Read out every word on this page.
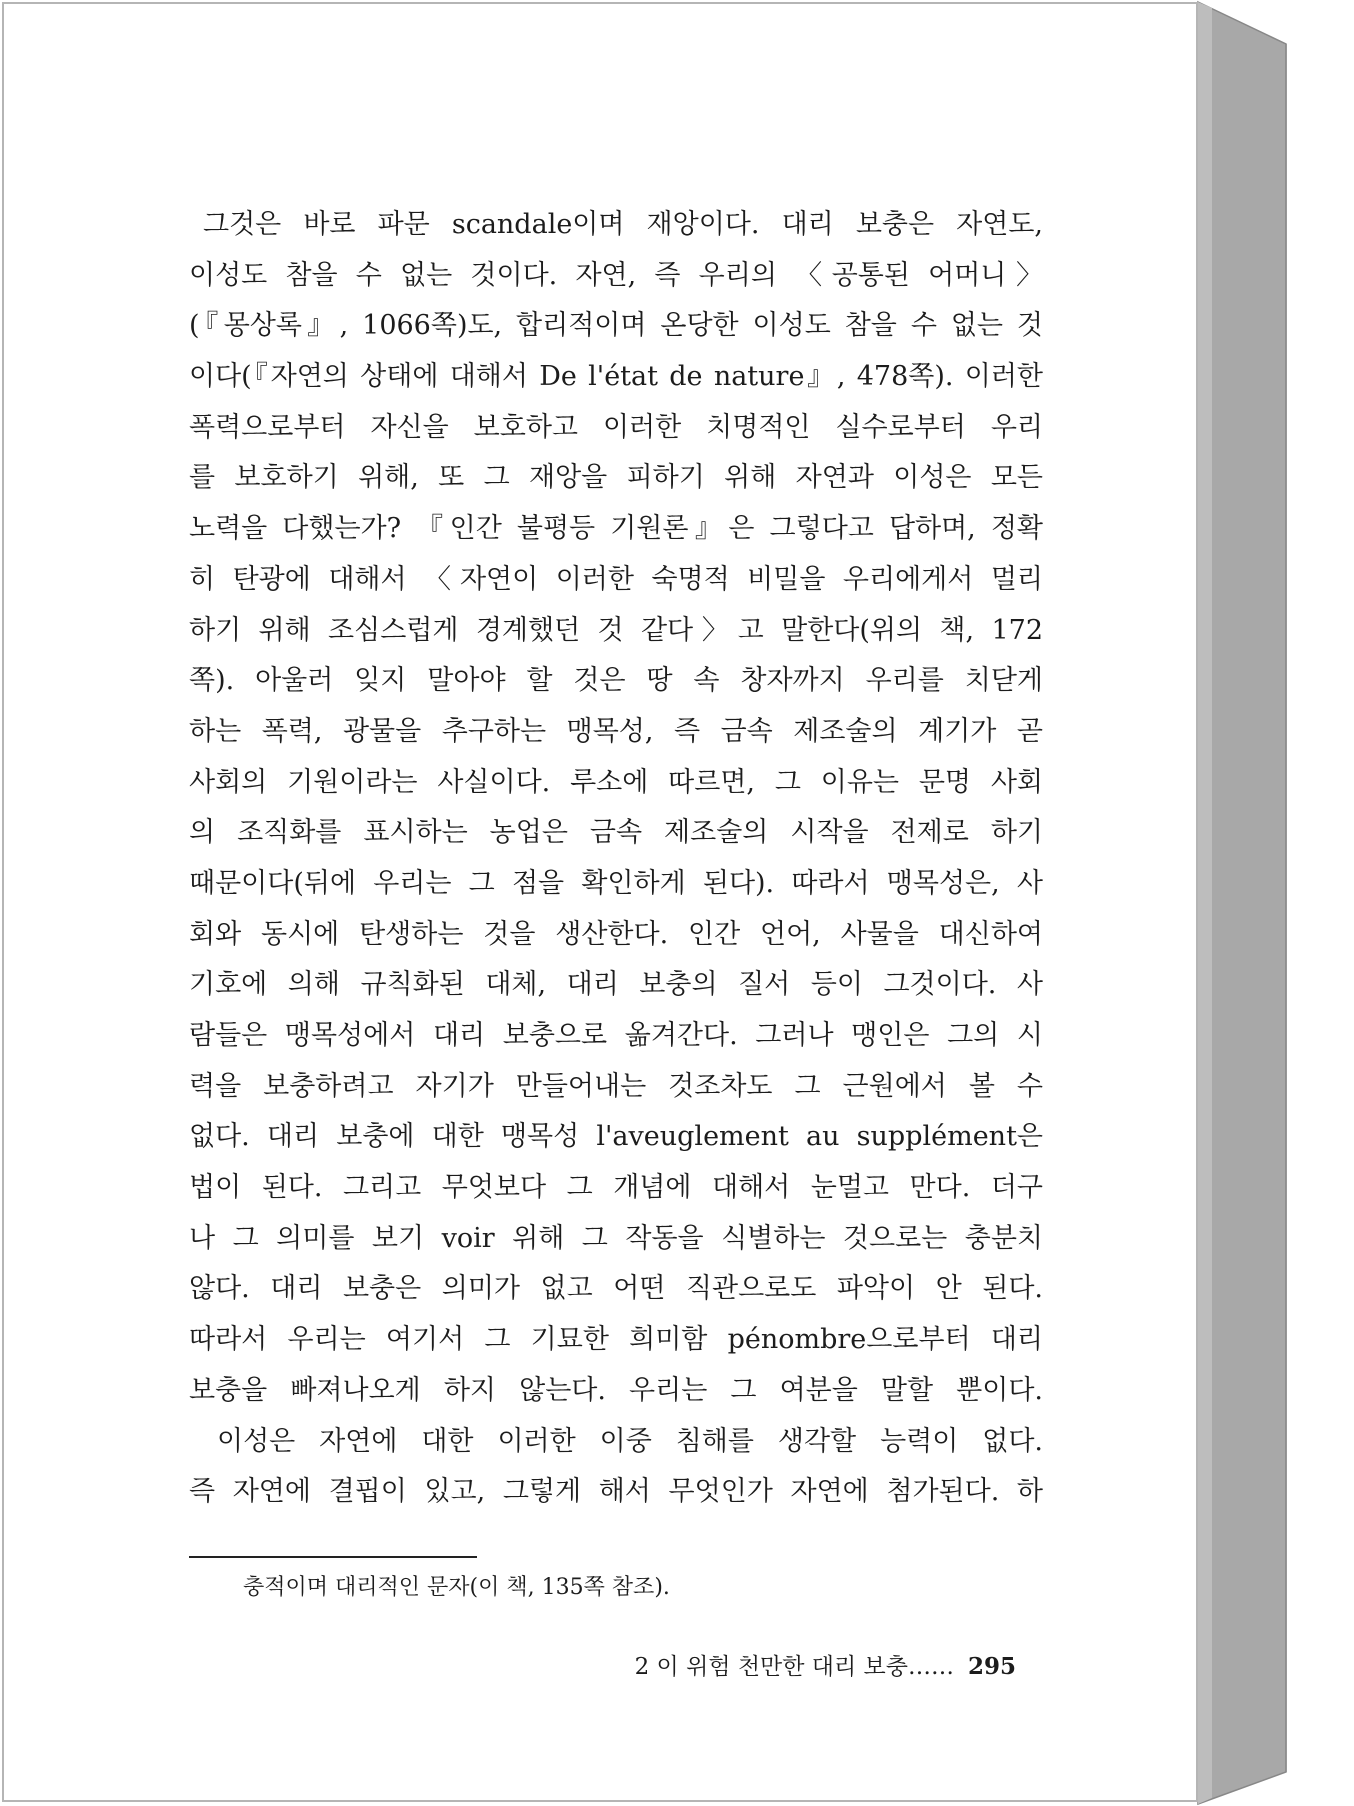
그것은 바로 파문 scandale이며 재앙이다. 대리 보충은 자연도,
이성도 참을 수 없는 것이다. 자연, 즉 우리의 〈공통된 어머니〉
(『몽상록』, 1066쪽)도, 합리적이며 온당한 이성도 참을 수 없는 것
이다(『자연의 상태에 대해서 De l'état de nature』, 478쪽). 이러한
폭력으로부터 자신을 보호하고 이러한 치명적인 실수로부터 우리
를 보호하기 위해, 또 그 재앙을 피하기 위해 자연과 이성은 모든
노력을 다했는가? 『인간 불평등 기원론』은 그렇다고 답하며, 정확
히 탄광에 대해서 〈자연이 이러한 숙명적 비밀을 우리에게서 멀리
하기 위해 조심스럽게 경계했던 것 같다〉고 말한다(위의 책, 172
쪽). 아울러 잊지 말아야 할 것은 땅 속 창자까지 우리를 치닫게
하는 폭력, 광물을 추구하는 맹목성, 즉 금속 제조술의 계기가 곧
사회의 기원이라는 사실이다. 루소에 따르면, 그 이유는 문명 사회
의 조직화를 표시하는 농업은 금속 제조술의 시작을 전제로 하기
때문이다(뒤에 우리는 그 점을 확인하게 된다). 따라서 맹목성은, 사
회와 동시에 탄생하는 것을 생산한다. 인간 언어, 사물을 대신하여
기호에 의해 규칙화된 대체, 대리 보충의 질서 등이 그것이다. 사
람들은 맹목성에서 대리 보충으로 옮겨간다. 그러나 맹인은 그의 시
력을 보충하려고 자기가 만들어내는 것조차도 그 근원에서 볼 수
없다. 대리 보충에 대한 맹목성 l'aveuglement au supplément은
법이 된다. 그리고 무엇보다 그 개념에 대해서 눈멀고 만다. 더구
나 그 의미를 보기 voir 위해 그 작동을 식별하는 것으로는 충분치
않다. 대리 보충은 의미가 없고 어떤 직관으로도 파악이 안 된다.
따라서 우리는 여기서 그 기묘한 희미함 pénombre으로부터 대리
보충을 빠져나오게 하지 않는다. 우리는 그 여분을 말할 뿐이다.
이성은 자연에 대한 이러한 이중 침해를 생각할 능력이 없다.
즉 자연에 결핍이 있고, 그렇게 해서 무엇인가 자연에 첨가된다. 하
충적이며 대리적인 문자(이 책, 135쪽 참조).
2 이 위험 천만한 대리 보충…… 295
